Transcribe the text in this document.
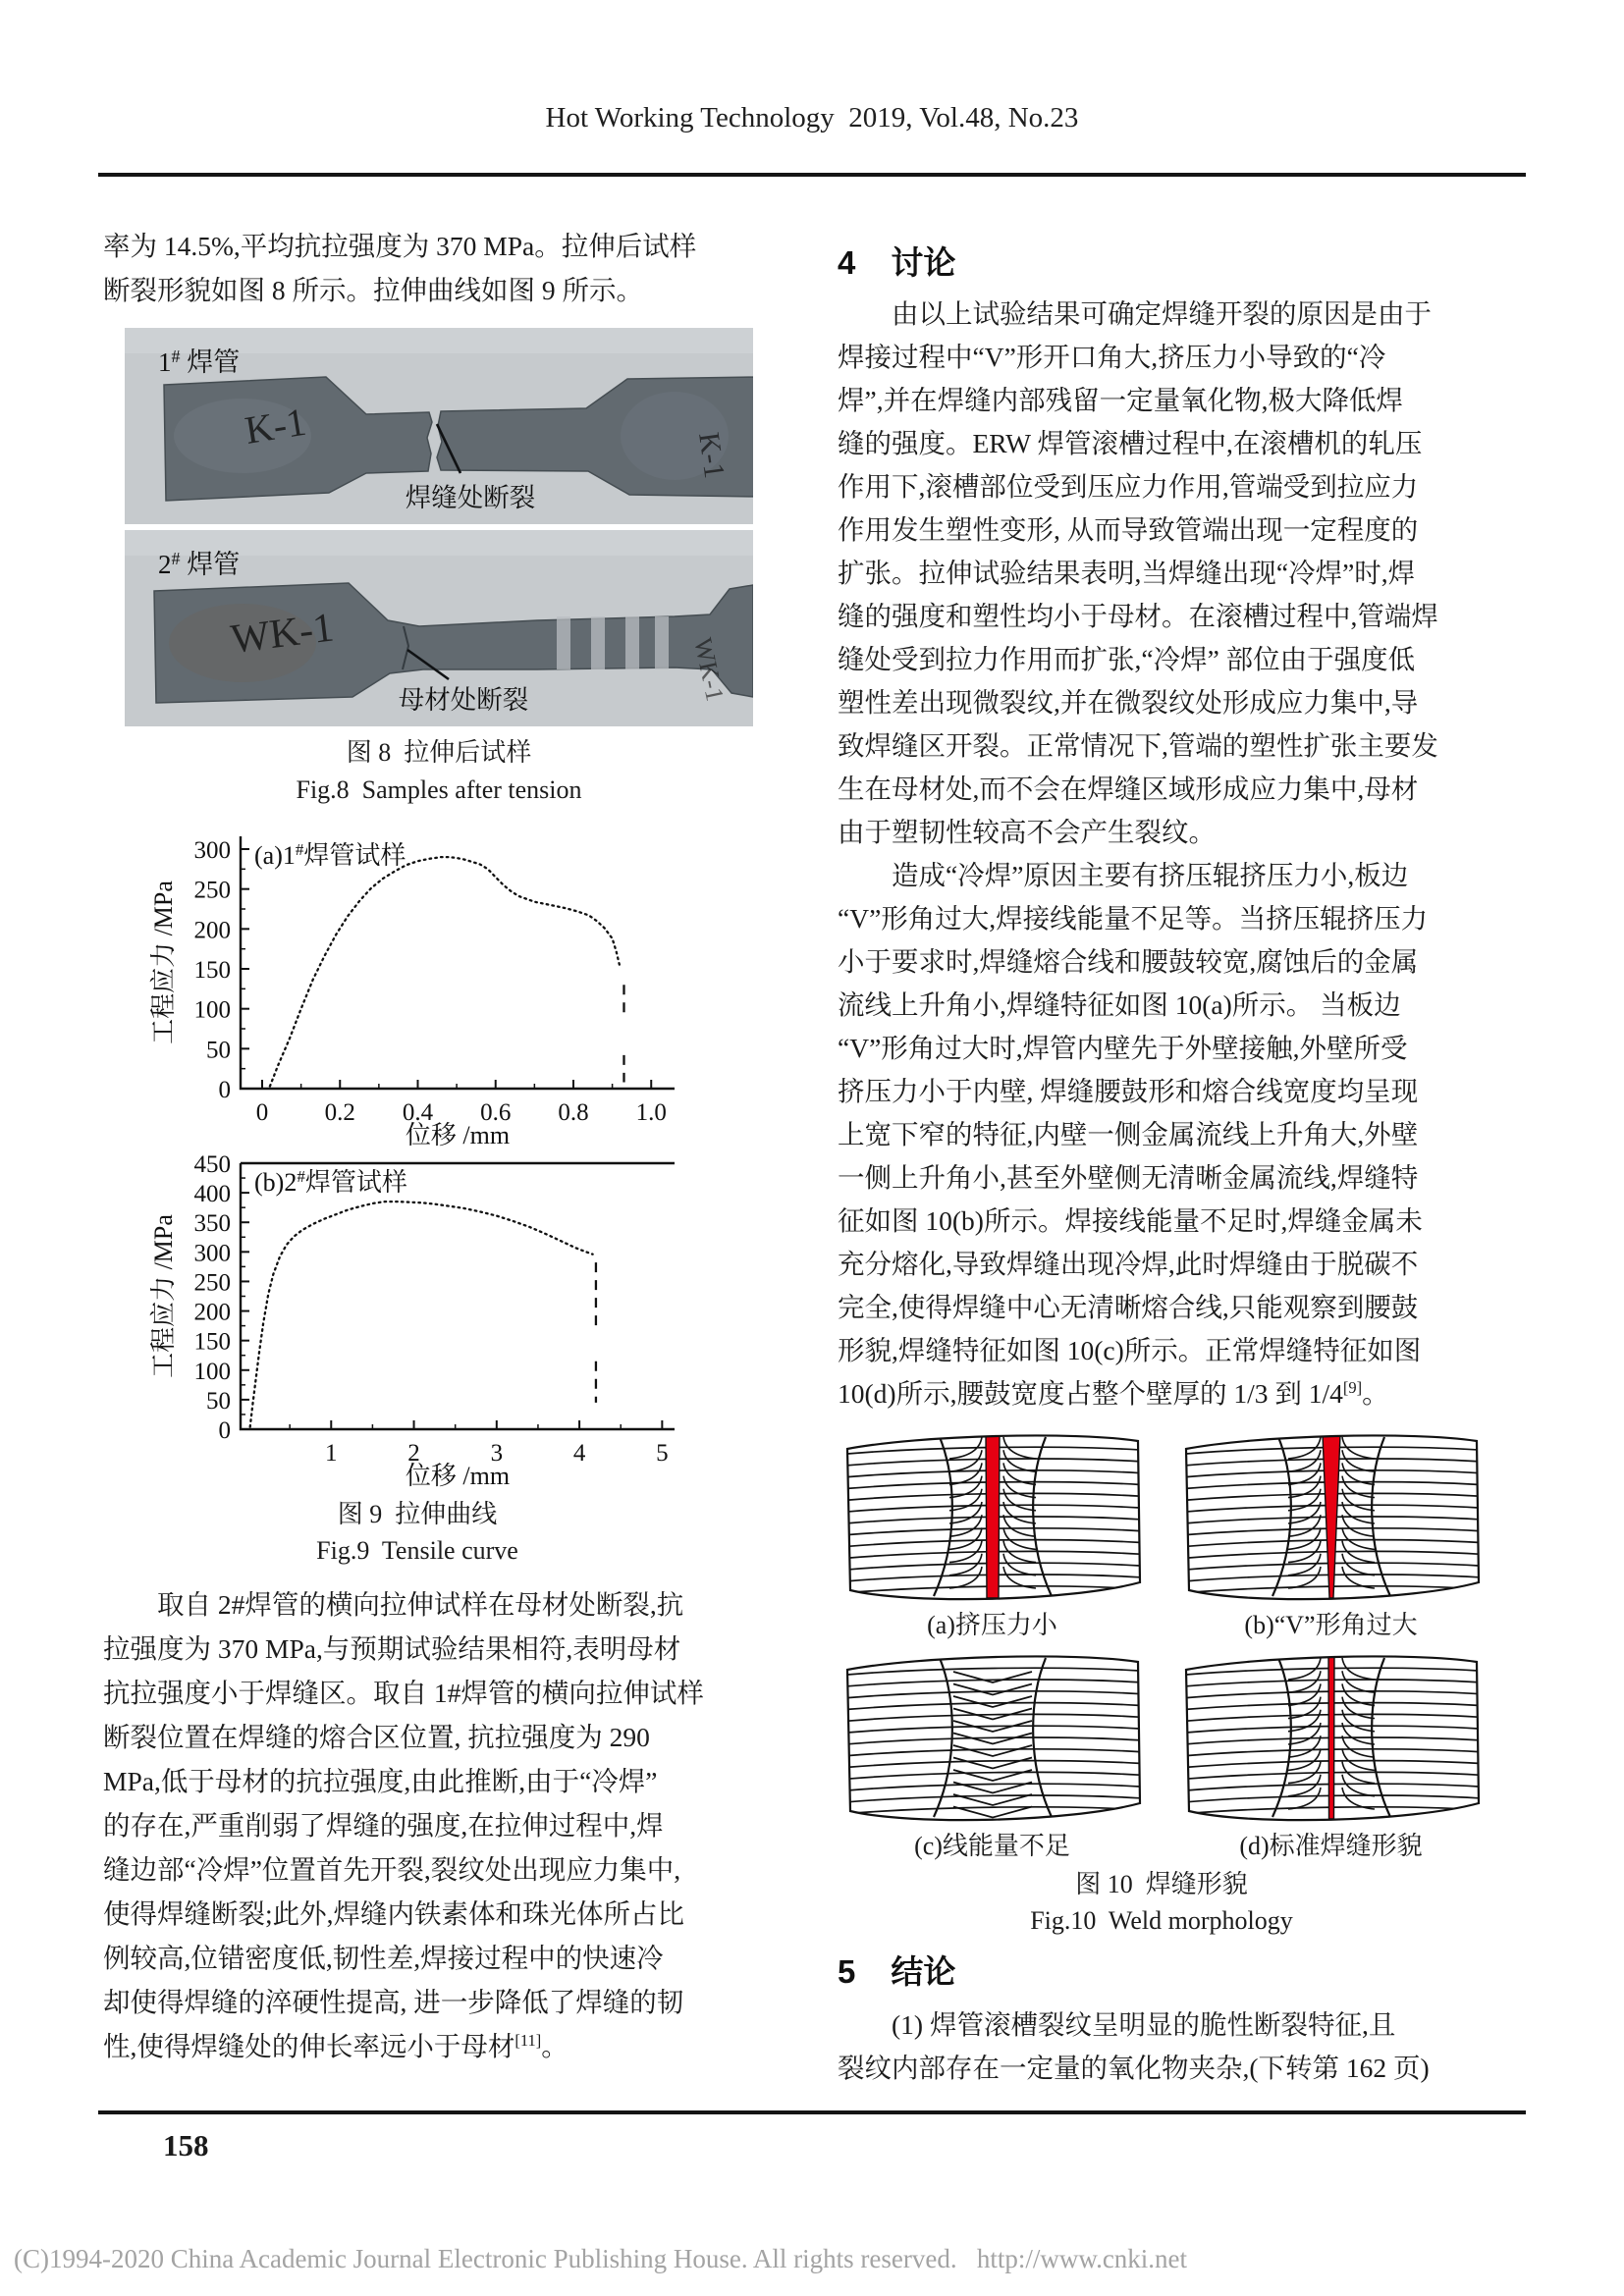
Hot Working Technology  2019, Vol.48, No.23
率为 14.5%,平均抗拉强度为 370 MPa。拉伸后试样
断裂形貌如图 8 所示。拉伸曲线如图 9 所示。
焊缝处断裂
K-1
K-1
1# 焊管
母材处断裂
WK-1
WK-1
2# 焊管
图 8  拉伸后试样
Fig.8  Samples after tension
0 0.2 0.4 0.6 0.8 1.0
0
50
100
150
200
250
300
位移 /mm
工程应力 /MPa
(a)1#焊管试样
1	2	3	4	5
0
50
100
150
200
250
300
350
400
450
位移 /mm
工程应力 /MPa
(b)2#焊管试样
图 9  拉伸曲线
Fig.9  Tensile curve
　　取自 2#焊管的横向拉伸试样在母材处断裂,抗
拉强度为 370 MPa,与预期试验结果相符,表明母材
抗拉强度小于焊缝区。取自 1#焊管的横向拉伸试样
断裂位置在焊缝的熔合区位置, 抗拉强度为 290
MPa,低于母材的抗拉强度,由此推断,由于“冷焊”
的存在,严重削弱了焊缝的强度,在拉伸过程中,焊
缝边部“冷焊”位置首先开裂,裂纹处出现应力集中,
使得焊缝断裂;此外,焊缝内铁素体和珠光体所占比
例较高,位错密度低,韧性差,焊接过程中的快速冷
却使得焊缝的淬硬性提高, 进一步降低了焊缝的韧
性,使得焊缝处的伸长率远小于母材[11]。
4 讨论
　　由以上试验结果可确定焊缝开裂的原因是由于
焊接过程中“V”形开口角大,挤压力小导致的“冷
焊”,并在焊缝内部残留一定量氧化物,极大降低焊
缝的强度。ERW 焊管滚槽过程中,在滚槽机的轧压
作用下,滚槽部位受到压应力作用,管端受到拉应力
作用发生塑性变形, 从而导致管端出现一定程度的
扩张。拉伸试验结果表明,当焊缝出现“冷焊”时,焊
缝的强度和塑性均小于母材。在滚槽过程中,管端焊
缝处受到拉力作用而扩张,“冷焊” 部位由于强度低
塑性差出现微裂纹,并在微裂纹处形成应力集中,导
致焊缝区开裂。正常情况下,管端的塑性扩张主要发
生在母材处,而不会在焊缝区域形成应力集中,母材
由于塑韧性较高不会产生裂纹。
　　造成“冷焊”原因主要有挤压辊挤压力小,板边
“V”形角过大,焊接线能量不足等。当挤压辊挤压力
小于要求时,焊缝熔合线和腰鼓较宽,腐蚀后的金属
流线上升角小,焊缝特征如图 10(a)所示。 当板边
“V”形角过大时,焊管内壁先于外壁接触,外壁所受
挤压力小于内壁, 焊缝腰鼓形和熔合线宽度均呈现
上宽下窄的特征,内壁一侧金属流线上升角大,外壁
一侧上升角小,甚至外壁侧无清晰金属流线,焊缝特
征如图 10(b)所示。焊接线能量不足时,焊缝金属未
充分熔化,导致焊缝出现冷焊,此时焊缝由于脱碳不
完全,使得焊缝中心无清晰熔合线,只能观察到腰鼓
形貌,焊缝特征如图 10(c)所示。正常焊缝特征如图
10(d)所示,腰鼓宽度占整个壁厚的 1/3 到 1/4[9]。
(a)挤压力小	(b)“V”形角过大
(c)线能量不足	(d)标准焊缝形貌
图 10  焊缝形貌
Fig.10  Weld morphology
5 结论
　　(1) 焊管滚槽裂纹呈明显的脆性断裂特征,且
裂纹内部存在一定量的氧化物夹杂,(下转第 162 页)
158
(C)1994-2020 China Academic Journal Electronic Publishing House. All rights reserved.   http://www.cnki.net
